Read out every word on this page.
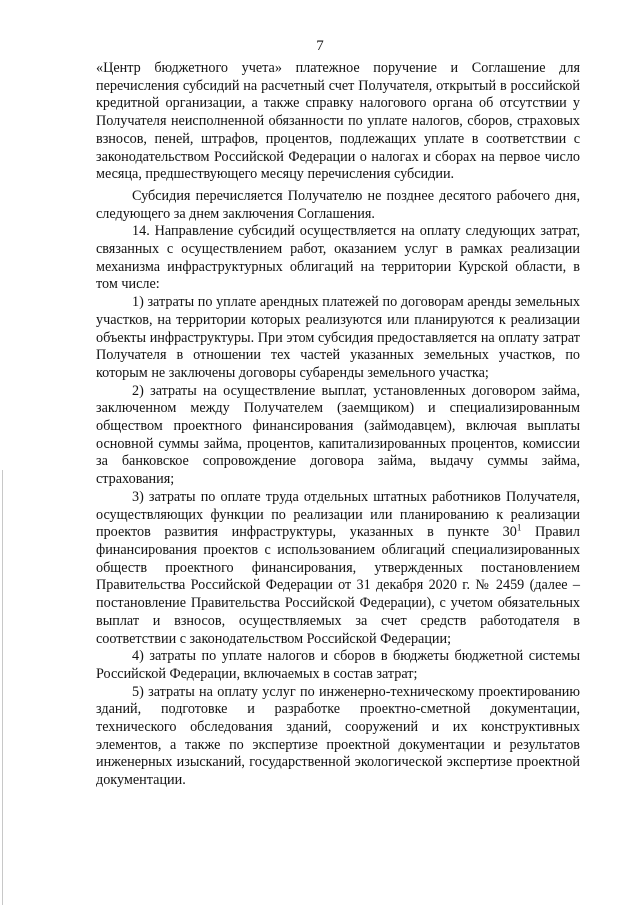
7

«Центр бюджетного учета» платежное поручение и Соглашение для перечисления субсидий на расчетный счет Получателя, открытый в российской кредитной организации, а также справку налогового органа об отсутствии у Получателя неисполненной обязанности по уплате налогов, сборов, страховых взносов, пеней, штрафов, процентов, подлежащих уплате в соответствии с законодательством Российской Федерации о налогах и сборах на первое число месяца, предшествующего месяцу перечисления субсидии.

Субсидия перечисляется Получателю не позднее десятого рабочего дня, следующего за днем заключения Соглашения.

14. Направление субсидий осуществляется на оплату следующих затрат, связанных с осуществлением работ, оказанием услуг в рамках реализации механизма инфраструктурных облигаций на территории Курской области, в том числе:

1) затраты по уплате арендных платежей по договорам аренды земельных участков, на территории которых реализуются или планируются к реализации объекты инфраструктуры. При этом субсидия предоставляется на оплату затрат Получателя в отношении тех частей указанных земельных участков, по которым не заключены договоры субаренды земельного участка;

2) затраты на осуществление выплат, установленных договором займа, заключенном между Получателем (заемщиком) и специализированным обществом проектного финансирования (займодавцем), включая выплаты основной суммы займа, процентов, капитализированных процентов, комиссии за банковское сопровождение договора займа, выдачу суммы займа, страхования;

3) затраты по оплате труда отдельных штатных работников Получателя, осуществляющих функции по реализации или планированию к реализации проектов развития инфраструктуры, указанных в пункте $30^1$ Правил финансирования проектов с использованием облигаций специализированных обществ проектного финансирования, утвержденных постановлением Правительства Российской Федерации от 31 декабря 2020 г. № 2459 (далее – постановление Правительства Российской Федерации), с учетом обязательных выплат и взносов, осуществляемых за счет средств работодателя в соответствии с законодательством Российской Федерации;

4) затраты по уплате налогов и сборов в бюджеты бюджетной системы Российской Федерации, включаемых в состав затрат;

5) затраты на оплату услуг по инженерно-техническому проектированию зданий, подготовке и разработке проектно-сметной документации, технического обследования зданий, сооружений и их конструктивных элементов, а также по экспертизе проектной документации и результатов инженерных изысканий, государственной экологической экспертизе проектной документации.
